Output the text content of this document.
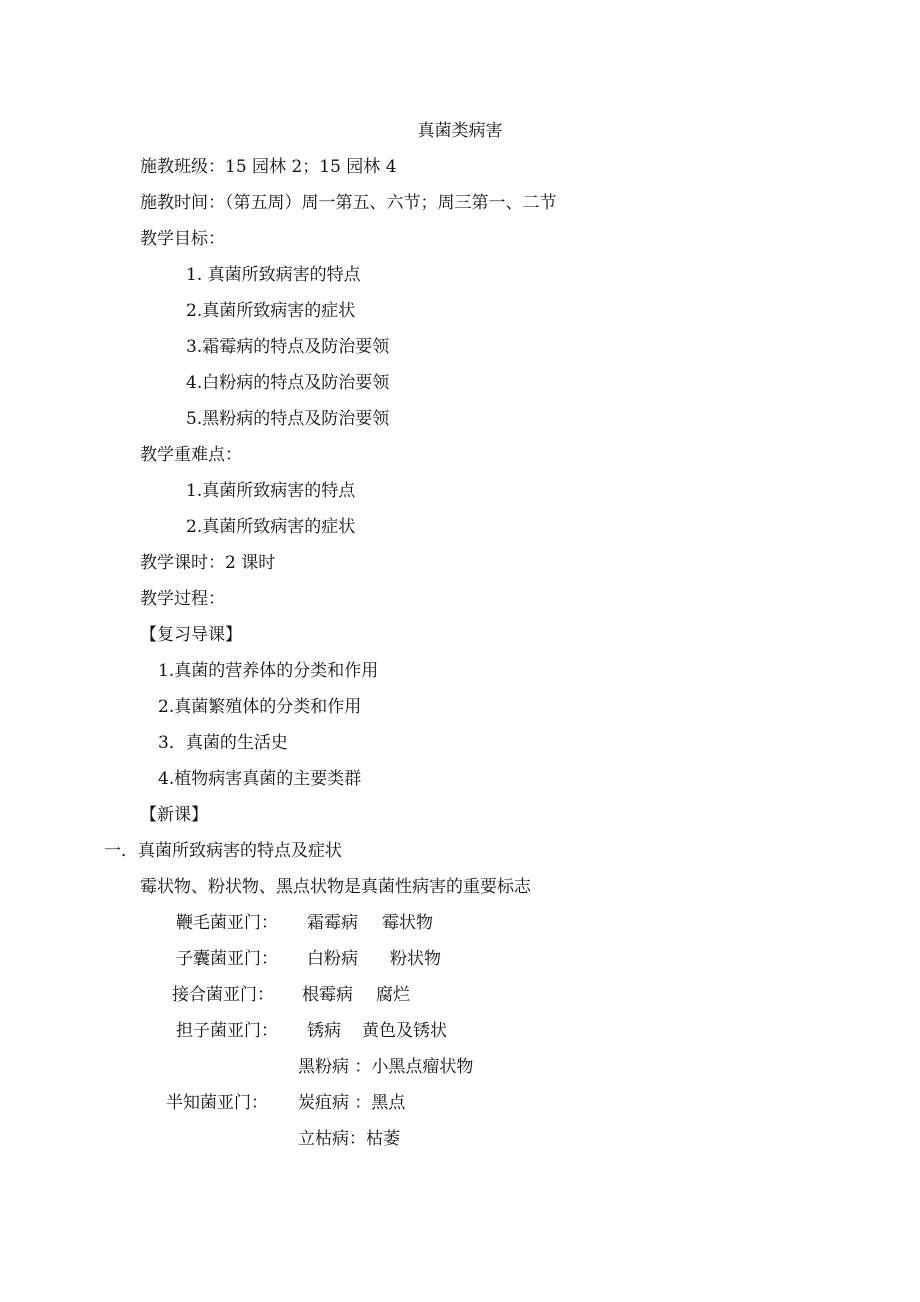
真菌类病害
施教班级：15 园林 2；15 园林 4
施教时间：（第五周）周一第五、六节；周三第一、二节
教学目标：
1. 真菌所致病害的特点
2.真菌所致病害的症状
3.霜霉病的特点及防治要领
4.白粉病的特点及防治要领
5.黑粉病的特点及防治要领
教学重难点：
1.真菌所致病害的特点
2.真菌所致病害的症状
教学课时：2 课时
教学过程：
【复习导课】
1.真菌的营养体的分类和作用
2.真菌繁殖体的分类和作用
3．真菌的生活史
4.植物病害真菌的主要类群
【新课】
一．真菌所致病害的特点及症状
霉状物、粉状物、黑点状物是真菌性病害的重要标志
鞭毛菌亚门： 霜霉病 霉状物
子囊菌亚门： 白粉病 粉状物
接合菌亚门： 根霉病 腐烂
担子菌亚门： 锈病 黄色及锈状
黑粉病 ：小黑点瘤状物
半知菌亚门： 炭疽病 ：黑点
立枯病：枯萎
